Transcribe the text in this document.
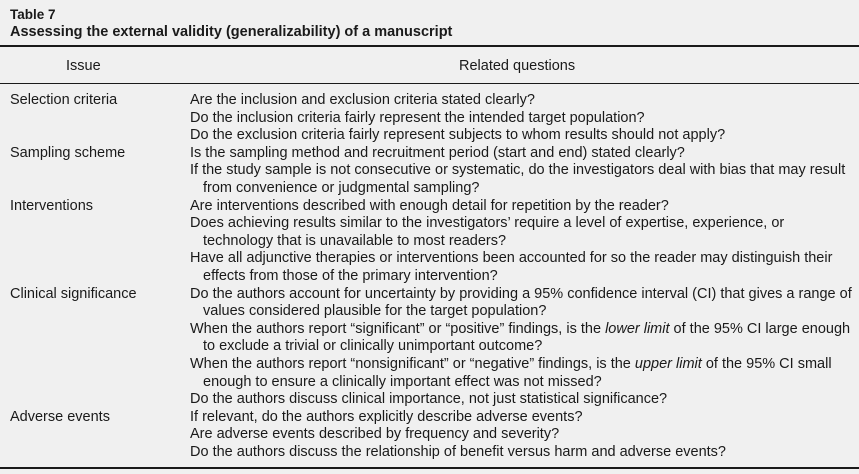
Table 7
Assessing the external validity (generalizability) of a manuscript
Issue	Related questions
Selection criteria	Are the inclusion and exclusion criteria stated clearly?
Do the inclusion criteria fairly represent the intended target population?
Do the exclusion criteria fairly represent subjects to whom results should not apply?
Sampling scheme	Is the sampling method and recruitment period (start and end) stated clearly?
If the study sample is not consecutive or systematic, do the investigators deal with bias that may result from convenience or judgmental sampling?
Interventions	Are interventions described with enough detail for repetition by the reader?
Does achieving results similar to the investigators’ require a level of expertise, experience, or technology that is unavailable to most readers?
Have all adjunctive therapies or interventions been accounted for so the reader may distinguish their effects from those of the primary intervention?
Clinical significance	Do the authors account for uncertainty by providing a 95% confidence interval (CI) that gives a range of values considered plausible for the target population?
When the authors report “significant” or “positive” findings, is the lower limit of the 95% CI large enough to exclude a trivial or clinically unimportant outcome?
When the authors report “nonsignificant” or “negative” findings, is the upper limit of the 95% CI small enough to ensure a clinically important effect was not missed?
Do the authors discuss clinical importance, not just statistical significance?
Adverse events	If relevant, do the authors explicitly describe adverse events?
Are adverse events described by frequency and severity?
Do the authors discuss the relationship of benefit versus harm and adverse events?
